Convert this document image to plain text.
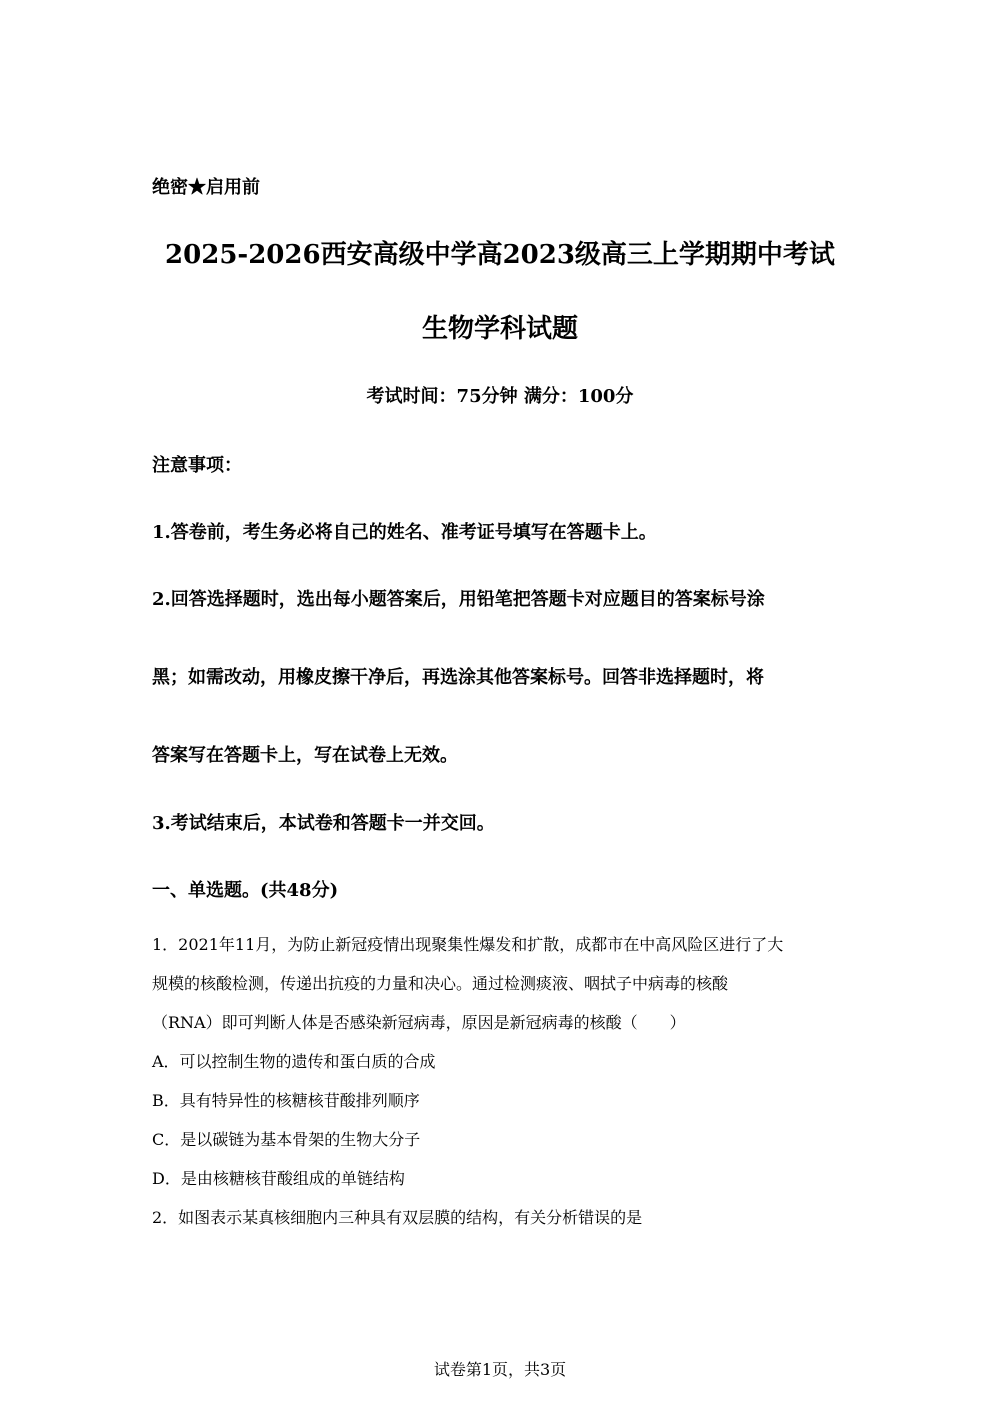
绝密★启用前

2025-2026西安高级中学高2023级高三上学期期中考试
生物学科试题

考试时间：75分钟 满分：100分

注意事项：

1.答卷前，考生务必将自己的姓名、准考证号填写在答题卡上。

2.回答选择题时，选出每小题答案后，用铅笔把答题卡对应题目的答案标号涂

黑；如需改动，用橡皮擦干净后，再选涂其他答案标号。回答非选择题时，将

答案写在答题卡上，写在试卷上无效。

3.考试结束后，本试卷和答题卡一并交回。

一、单选题。(共48分)

1．2021年11月，为防止新冠疫情出现聚集性爆发和扩散，成都市在中高风险区进行了大

规模的核酸检测，传递出抗疫的力量和决心。通过检测痰液、咽拭子中病毒的核酸

（RNA）即可判断人体是否感染新冠病毒，原因是新冠病毒的核酸（　　）

A．可以控制生物的遗传和蛋白质的合成

B．具有特异性的核糖核苷酸排列顺序

C．是以碳链为基本骨架的生物大分子

D．是由核糖核苷酸组成的单链结构

2．如图表示某真核细胞内三种具有双层膜的结构，有关分析错误的是

试卷第1页，共3页
